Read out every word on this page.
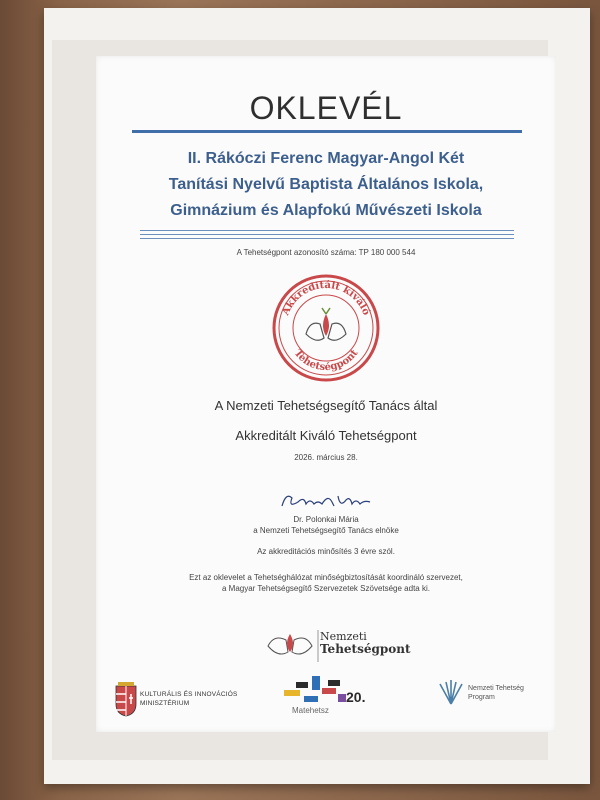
OKLEVÉL
II. Rákóczi Ferenc Magyar-Angol Két
Tanítási Nyelvű Baptista Általános Iskola,
Gimnázium és Alapfokú Művészeti Iskola
A Tehetségpont azonosító száma: TP 180 000 544
Akkreditált kiváló
Tehetségpont
A Nemzeti Tehetségsegítő Tanács által
Akkreditált Kiváló Tehetségpont
2026. március 28.
Dr. Polonkai Mária
a Nemzeti Tehetségsegítő Tanács elnöke
Az akkreditációs minősítés 3 évre szól.
Ezt az oklevelet a Tehetséghálózat minőségbiztosítását koordináló szervezet,
a Magyar Tehetségsegítő Szervezetek Szövetsége adta ki.
Nemzeti
Tehetségpont
KULTURÁLIS ÉS INNOVÁCIÓS
MINISZTÉRIUM	20.
Matehetsz
Nemzeti Tehetség
Program
